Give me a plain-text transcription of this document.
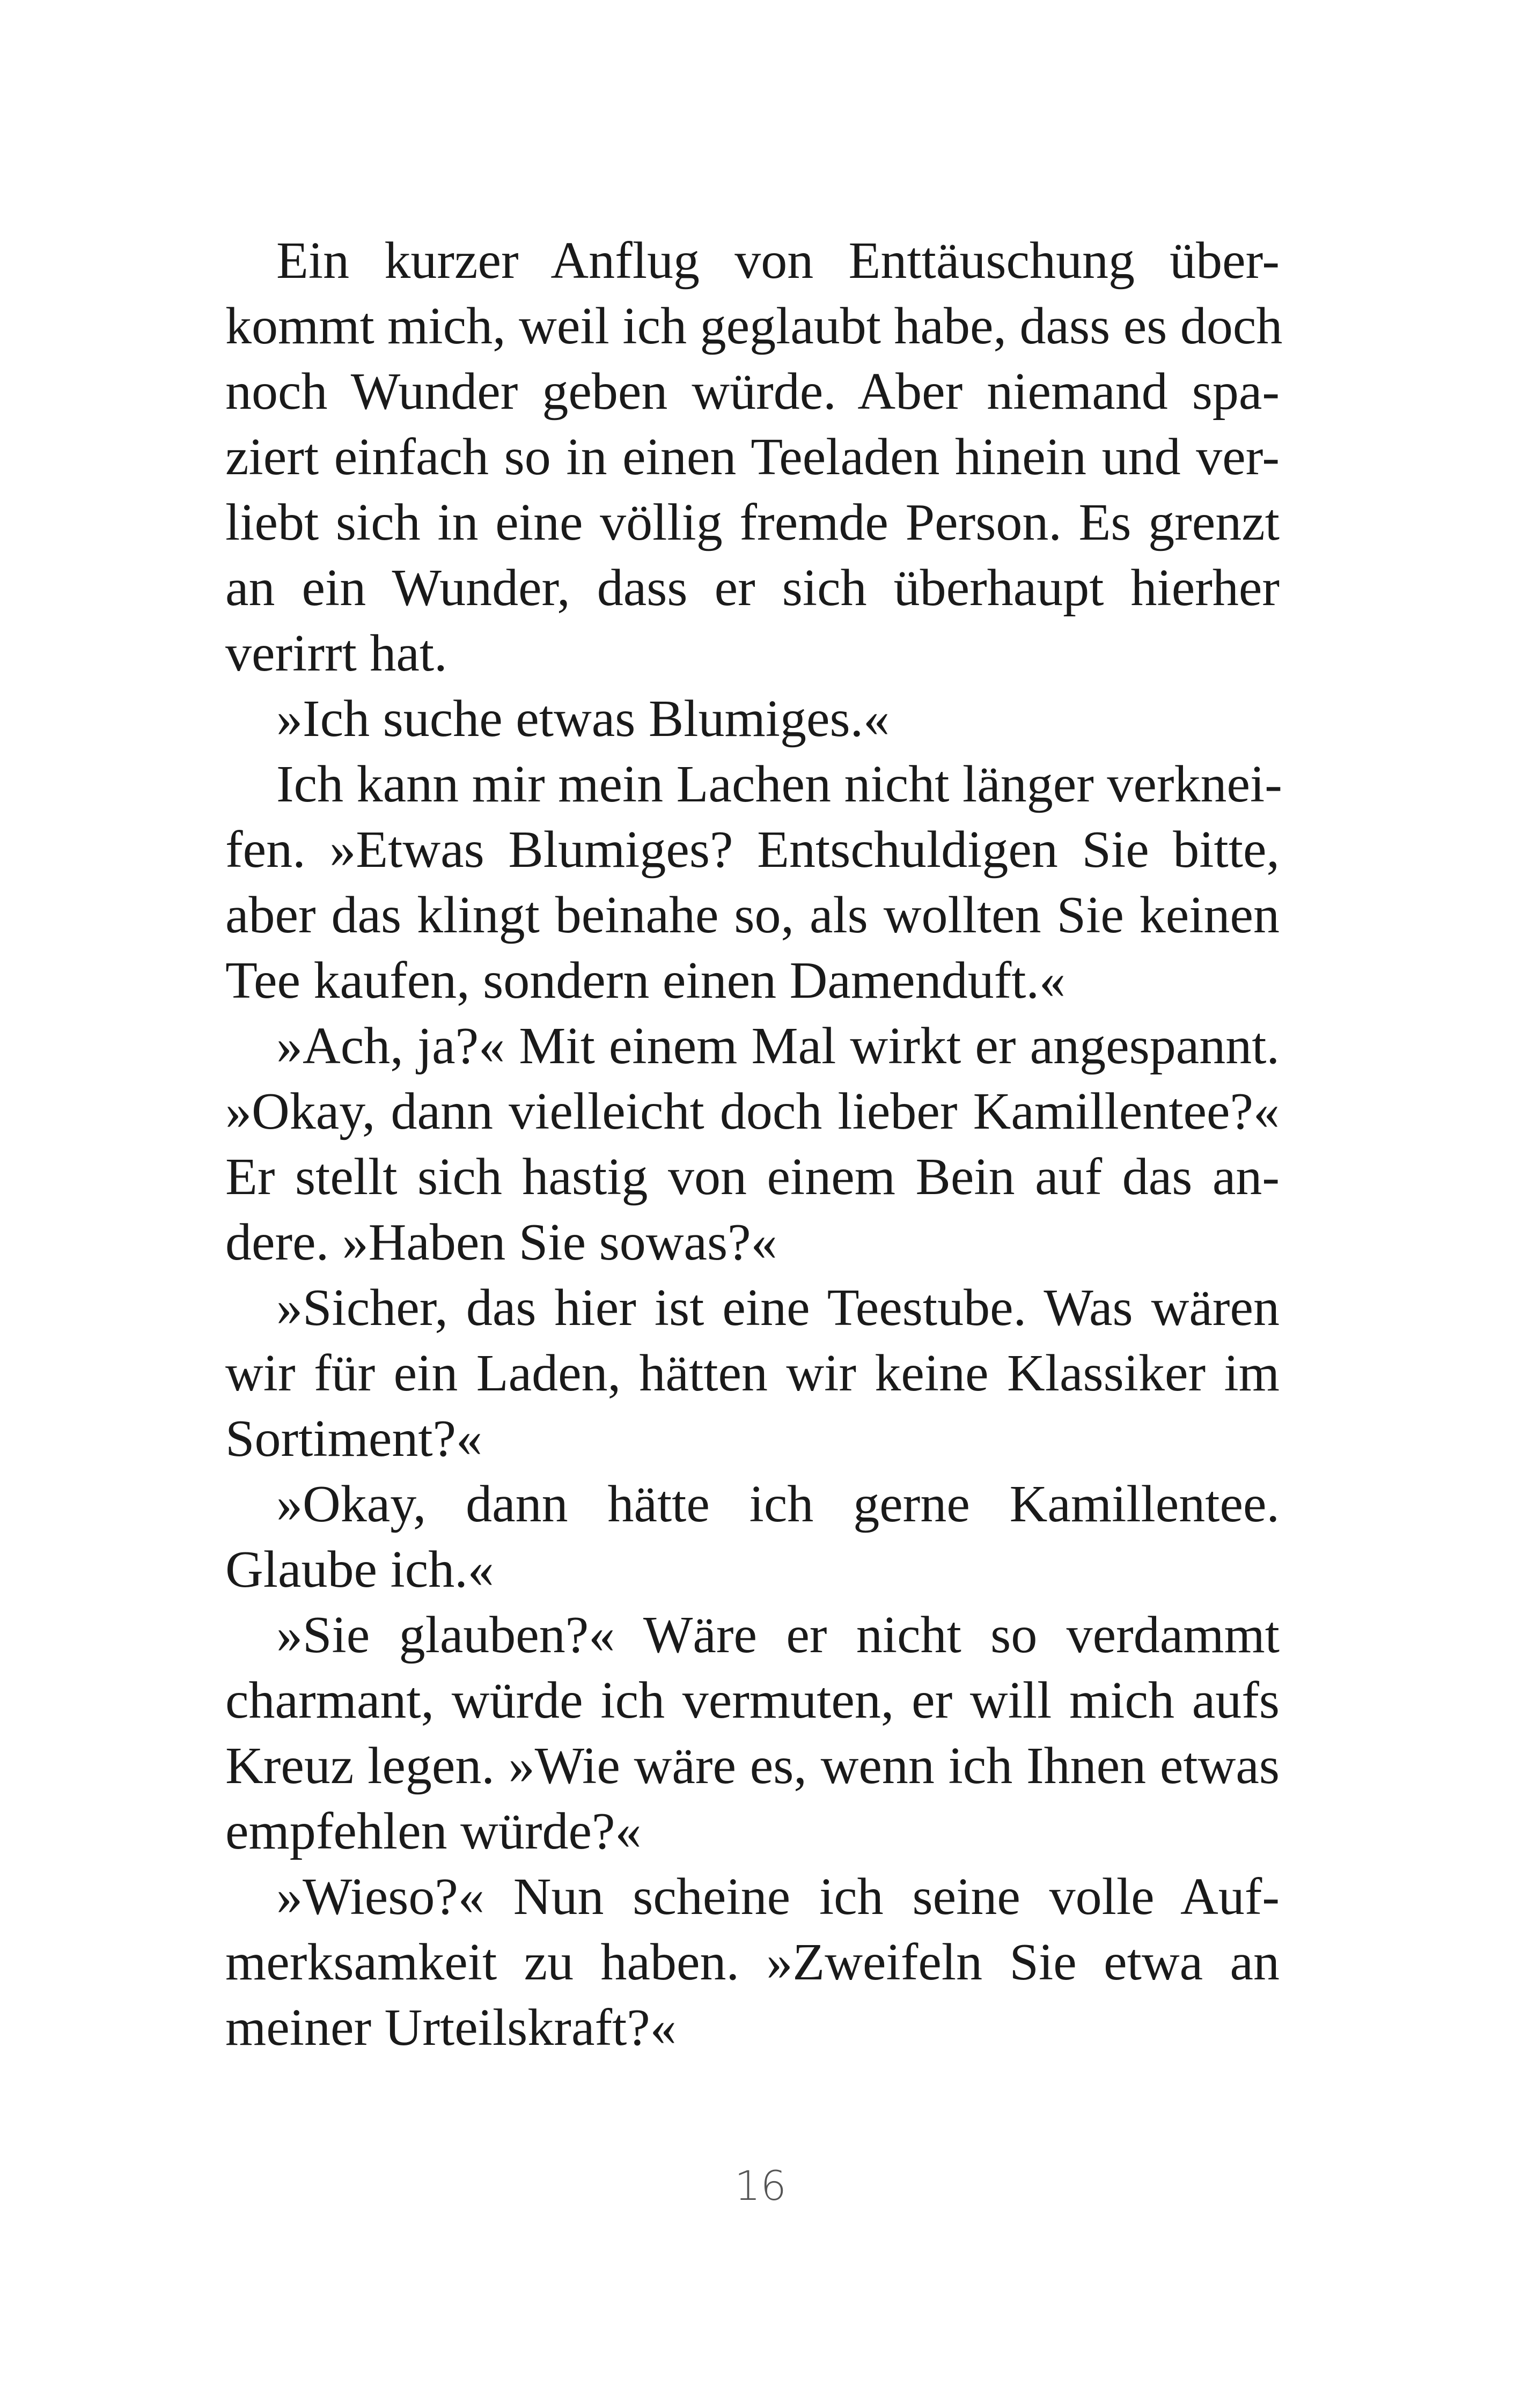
Ein kurzer Anflug von Enttäuschung über-
kommt mich, weil ich geglaubt habe, dass es doch
noch Wunder geben würde. Aber niemand spa-
ziert einfach so in einen Teeladen hinein und ver-
liebt sich in eine völlig fremde Person. Es grenzt
an ein Wunder, dass er sich überhaupt hierher
verirrt hat.
»Ich suche etwas Blumiges.«
Ich kann mir mein Lachen nicht länger verknei-
fen. »Etwas Blumiges? Entschuldigen Sie bitte,
aber das klingt beinahe so, als wollten Sie keinen
Tee kaufen, sondern einen Damenduft.«
»Ach, ja?« Mit einem Mal wirkt er angespannt.
»Okay, dann vielleicht doch lieber Kamillentee?«
Er stellt sich hastig von einem Bein auf das an-
dere. »Haben Sie sowas?«
»Sicher, das hier ist eine Teestube. Was wären
wir für ein Laden, hätten wir keine Klassiker im
Sortiment?«
»Okay, dann hätte ich gerne Kamillentee.
Glaube ich.«
»Sie glauben?« Wäre er nicht so verdammt
charmant, würde ich vermuten, er will mich aufs
Kreuz legen. »Wie wäre es, wenn ich Ihnen etwas
empfehlen würde?«
»Wieso?« Nun scheine ich seine volle Auf-
merksamkeit zu haben. »Zweifeln Sie etwa an
meiner Urteilskraft?«
16
